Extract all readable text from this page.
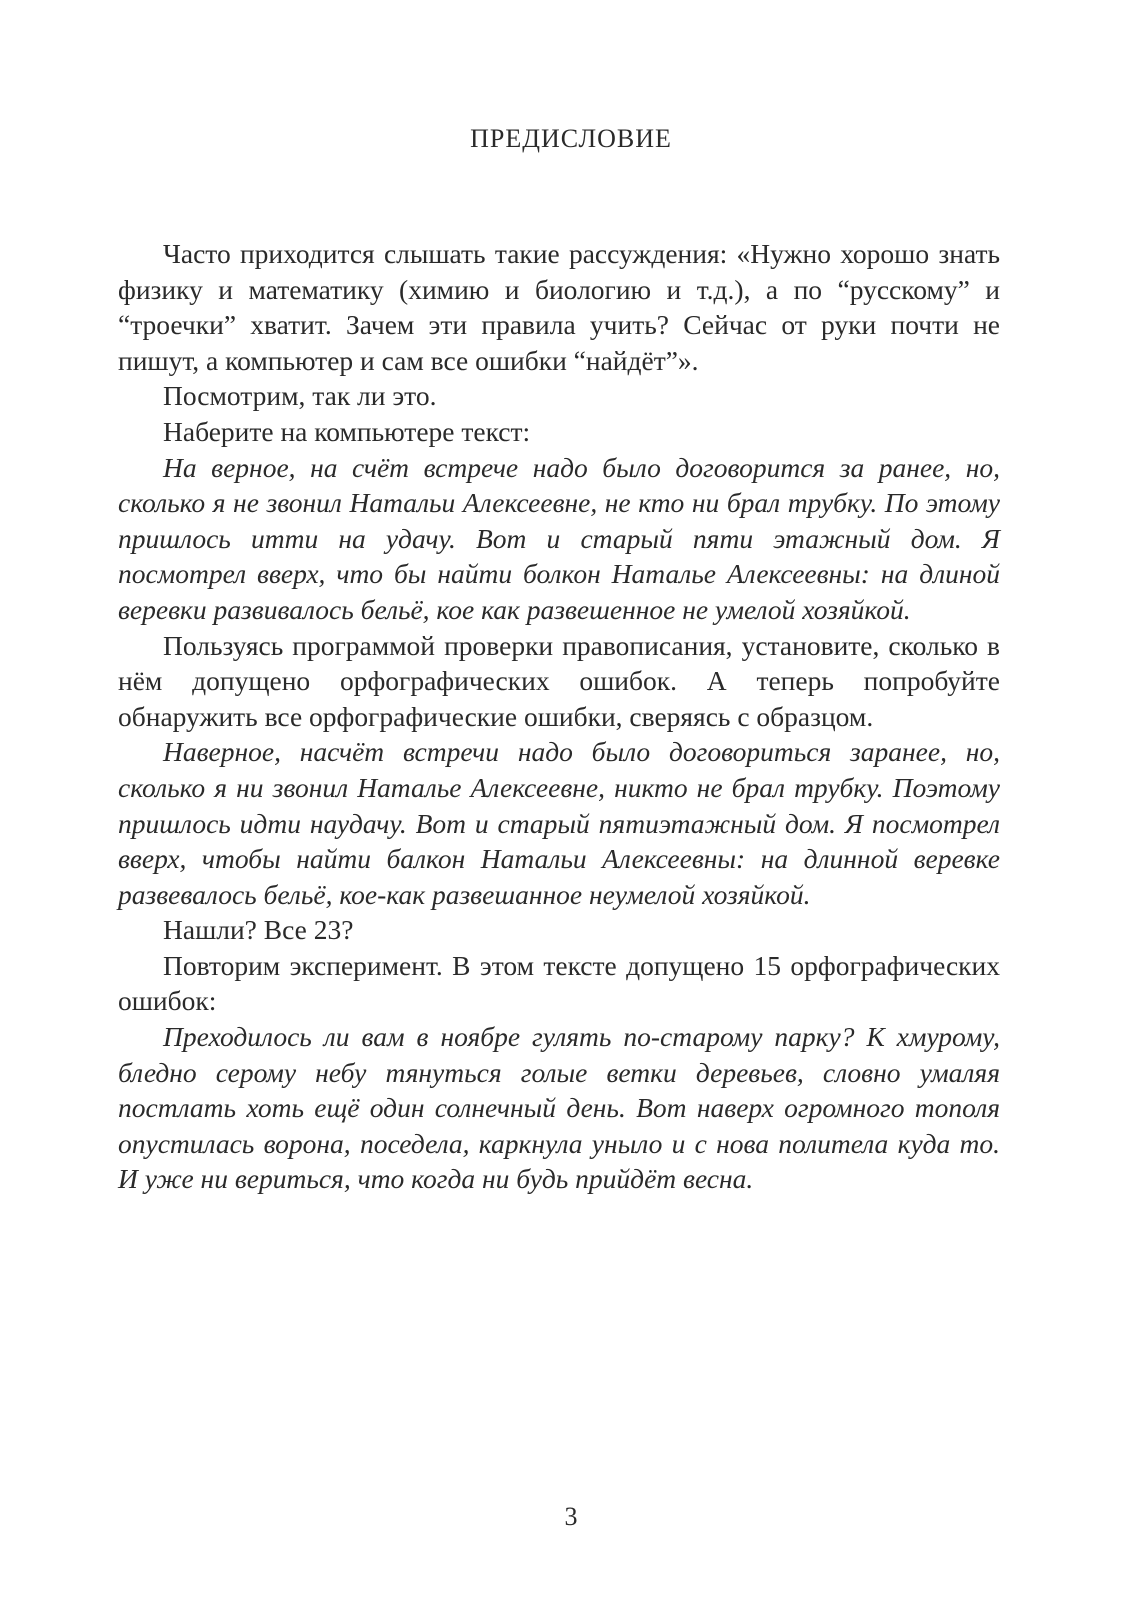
ПРЕДИСЛОВИЕ

Часто приходится слышать такие рассуждения: «Нужно хорошо знать физику и математику (химию и биологию и т.д.), а по “русскому” и “троечки” хватит. Зачем эти правила учить? Сейчас от руки почти не пишут, а компьютер и сам все ошибки “найдёт”».

Посмотрим, так ли это.

Наберите на компьютере текст:

На верное, на счёт встрече надо было договорится за ранее, но, сколько я не звонил Натальи Алексеевне, не кто ни брал трубку. По этому пришлось итти на удачу. Вот и старый пяти этажный дом. Я посмотрел вверх, что бы найти болкон Наталье Алексеевны: на длиной веревки развивалось бельё, кое как развешенное не умелой хозяйкой.

Пользуясь программой проверки правописания, установите, сколько в нём допущено орфографических ошибок. А теперь попробуйте обнаружить все орфографические ошибки, сверяясь с образцом.

Наверное, насчёт встречи надо было договориться заранее, но, сколько я ни звонил Наталье Алексеевне, никто не брал трубку. Поэтому пришлось идти наудачу. Вот и старый пятиэтажный дом. Я посмотрел вверх, чтобы найти балкон Натальи Алексеевны: на длинной веревке развевалось бельё, кое-как развешанное неумелой хозяйкой.

Нашли? Все 23?

Повторим эксперимент. В этом тексте допущено 15 орфографических ошибок:

Преходилось ли вам в ноябре гулять по-старому парку? К хмурому, бледно серому небу тянуться голые ветки деревьев, словно умаляя постлать хоть ещё один солнечный день. Вот наверх огромного тополя опустилась ворона, поседела, каркнула уныло и с нова политела куда то. И уже ни вериться, что когда ни будь прийдёт весна.

3
